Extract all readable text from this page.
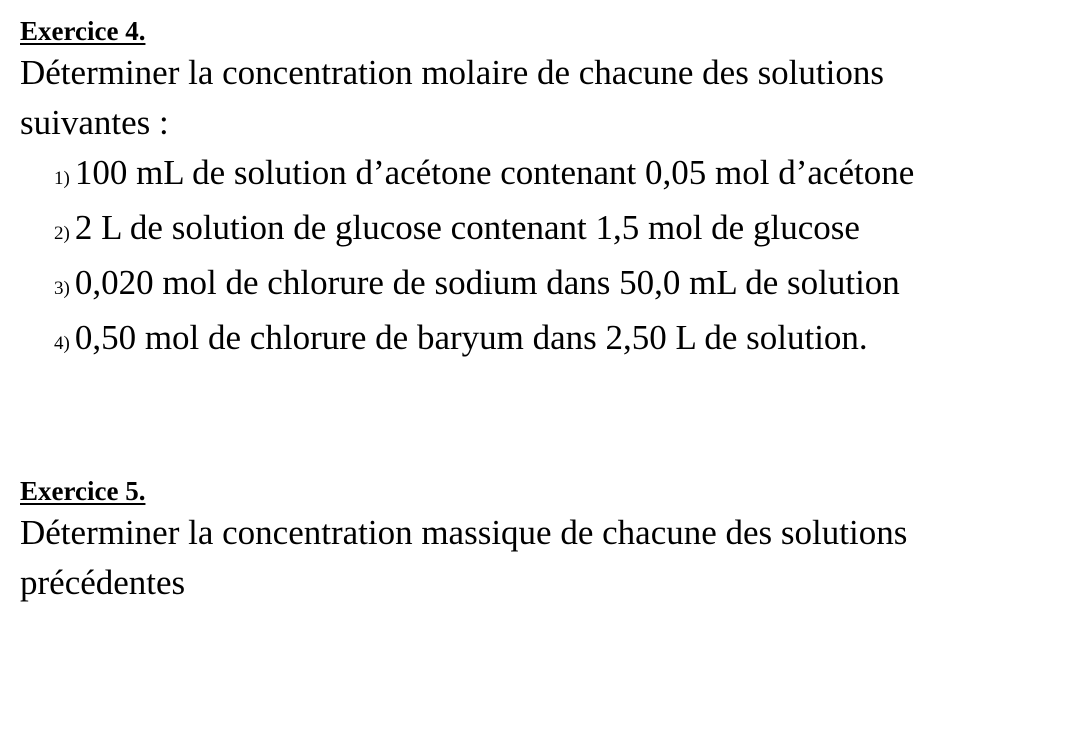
Exercice 4.

Déterminer la concentration molaire de chacune des solutions

suivantes :

1) 100 mL de solution d’acétone contenant 0,05 mol d’acétone
2) 2 L de solution de glucose contenant 1,5 mol de glucose
3) 0,020 mol de chlorure de sodium dans 50,0 mL de solution
4) 0,50 mol de chlorure de baryum dans 2,50 L de solution.

Exercice 5.

Déterminer la concentration massique de chacune des solutions

précédentes
